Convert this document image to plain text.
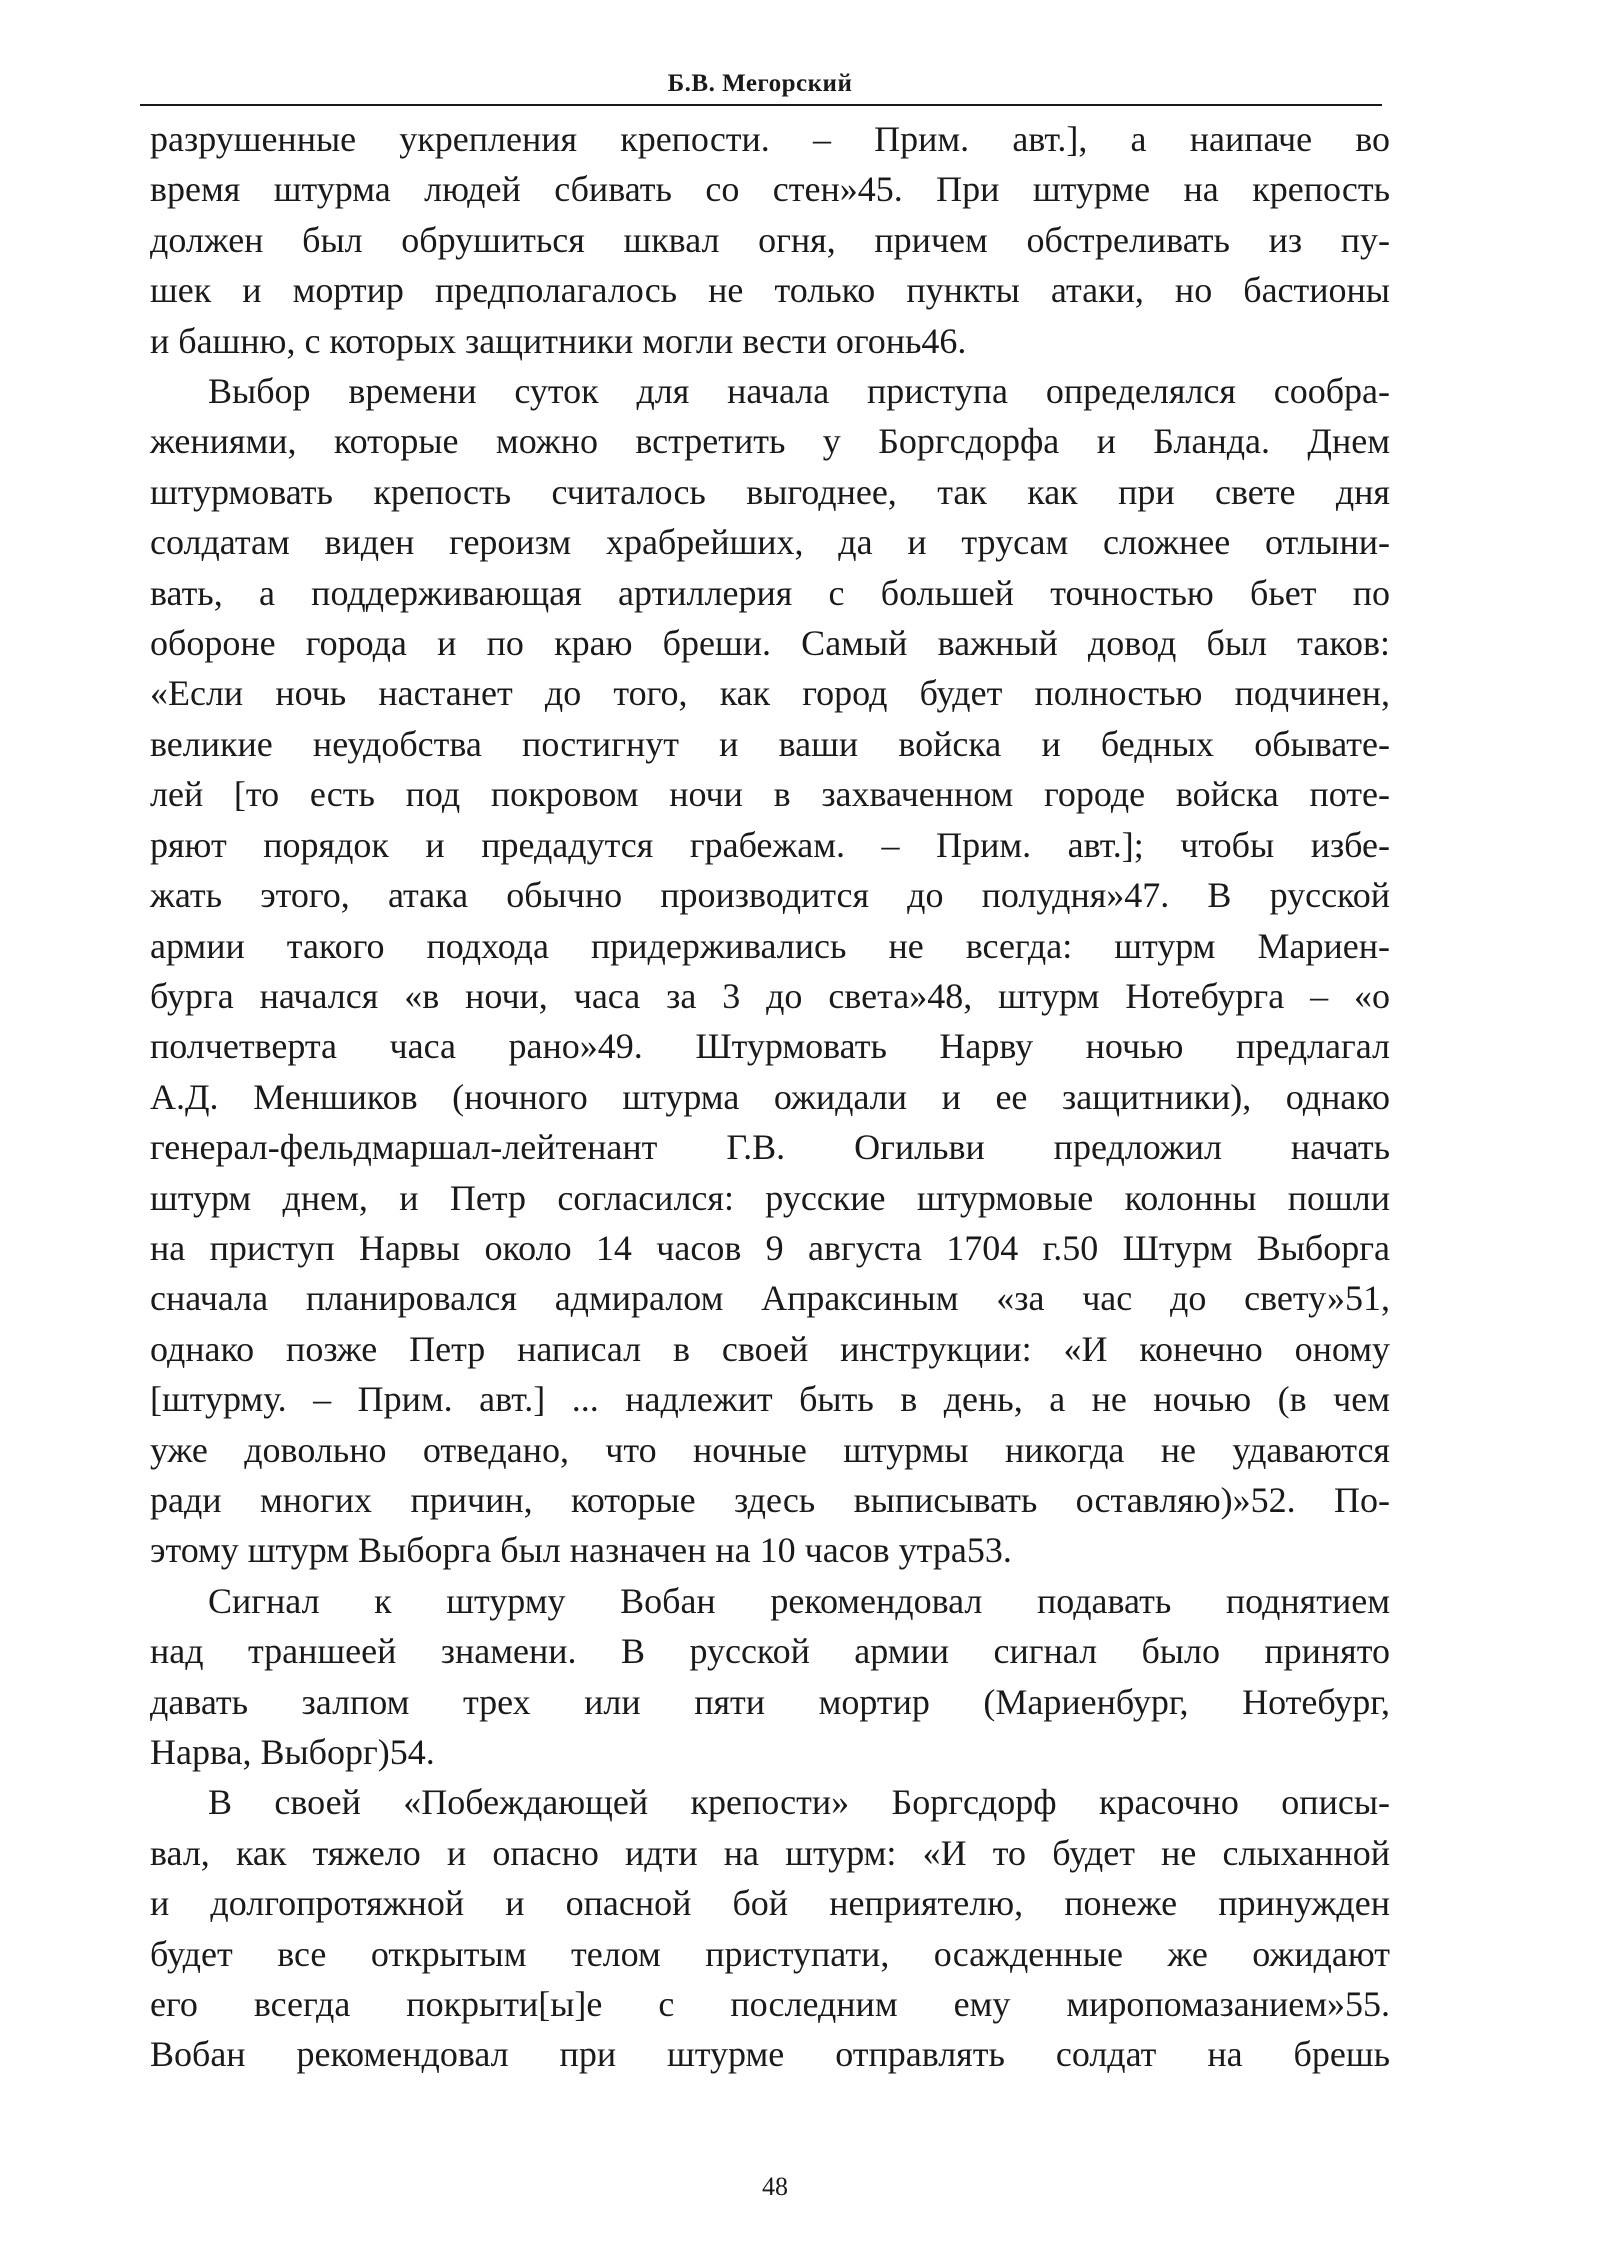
Б.В. Мегорский
разрушенные укрепления крепости. – Прим. авт.], а наипаче во
время штурма людей сбивать со стен»45. При штурме на крепость
должен был обрушиться шквал огня, причем обстреливать из пу-
шек и мортир предполагалось не только пункты атаки, но бастионы
и башню, с которых защитники могли вести огонь46.
Выбор времени суток для начала приступа определялся сообра-
жениями, которые можно встретить у Боргсдорфа и Бланда. Днем
штурмовать крепость считалось выгоднее, так как при свете дня
солдатам виден героизм храбрейших, да и трусам сложнее отлыни-
вать, а поддерживающая артиллерия с большей точностью бьет по
обороне города и по краю бреши. Самый важный довод был таков:
«Если ночь настанет до того, как город будет полностью подчинен,
великие неудобства постигнут и ваши войска и бедных обывате-
лей [то есть под покровом ночи в захваченном городе войска поте-
ряют порядок и предадутся грабежам. – Прим. авт.]; чтобы избе-
жать этого, атака обычно производится до полудня»47. В русской
армии такого подхода придерживались не всегда: штурм Мариен-
бурга начался «в ночи, часа за 3 до света»48, штурм Нотебурга – «о
полчетверта часа рано»49. Штурмовать Нарву ночью предлагал
А.Д. Меншиков (ночного штурма ожидали и ее защитники), однако
генерал-фельдмаршал-лейтенант Г.В. Огильви предложил начать
штурм днем, и Петр согласился: русские штурмовые колонны пошли
на приступ Нарвы около 14 часов 9 августа 1704 г.50 Штурм Выборга
сначала планировался адмиралом Апраксиным «за час до свету»51,
однако позже Петр написал в своей инструкции: «И конечно оному
[штурму. – Прим. авт.] ... надлежит быть в день, а не ночью (в чем
уже довольно отведано, что ночные штурмы никогда не удаваются
ради многих причин, которые здесь выписывать оставляю)»52. По-
этому штурм Выборга был назначен на 10 часов утра53.
Сигнал к штурму Вобан рекомендовал подавать поднятием
над траншеей знамени. В русской армии сигнал было принято
давать залпом трех или пяти мортир (Мариенбург, Нотебург,
Нарва, Выборг)54.
В своей «Побеждающей крепости» Боргсдорф красочно описы-
вал, как тяжело и опасно идти на штурм: «И то будет не слыханной
и долгопротяжной и опасной бой неприятелю, понеже принужден
будет все открытым телом приступати, осажденные же ожидают
его всегда покрыти[ы]е с последним ему миропомазанием»55.
Вобан рекомендовал при штурме отправлять солдат на брешь
48
